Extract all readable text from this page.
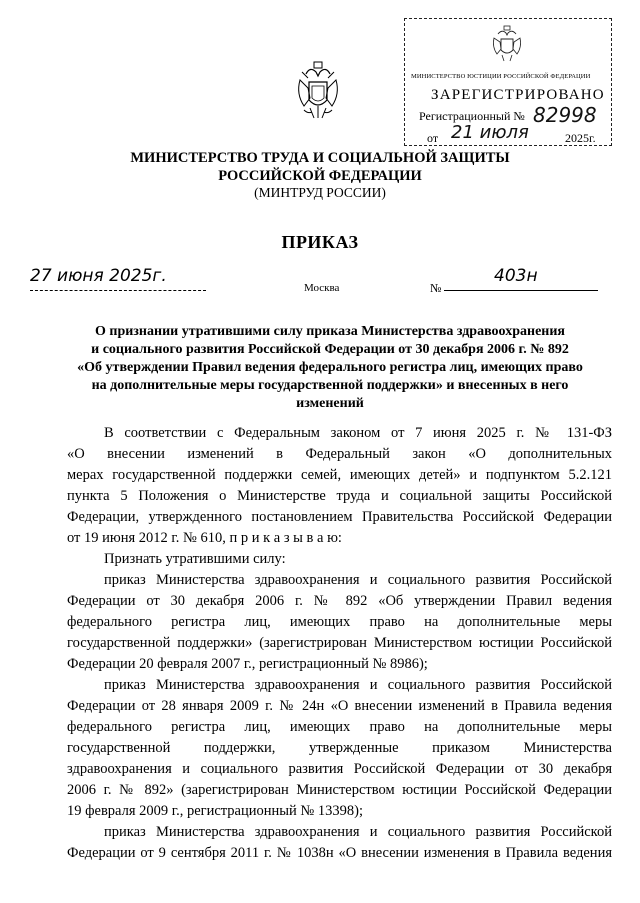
МИНИСТЕРСТВО ЮСТИЦИИ РОССИЙСКОЙ ФЕДЕРАЦИИ
ЗАРЕГИСТРИРОВАНО
Регистрационный № 82998
от 21 июля	2025г.
МИНИСТЕРСТВО ТРУДА И СОЦИАЛЬНОЙ ЗАЩИТЫ
РОССИЙСКОЙ ФЕДЕРАЦИИ
(МИНТРУД РОССИИ)
ПРИКАЗ
27 июня 2025г.
Москва	№
403н
О признании утратившими силу приказа Министерства здравоохранения
и социального развития Российской Федерации от 30 декабря 2006 г. № 892
«Об утверждении Правил ведения федерального регистра лиц, имеющих право
на дополнительные меры государственной поддержки» и внесенных в него
изменений
В соответствии с Федеральным законом от 7 июня 2025 г. № 131-ФЗ
«О внесении изменений в Федеральный закон «О дополнительных
мерах государственной поддержки семей, имеющих детей» и подпунктом 5.2.121
пункта 5 Положения о Министерстве труда и социальной защиты Российской
Федерации, утвержденного постановлением Правительства Российской Федерации
от 19 июня 2012 г. № 610, п р и к а з ы в а ю:
Признать утратившими силу:
приказ Министерства здравоохранения и социального развития Российской
Федерации от 30 декабря 2006 г. № 892 «Об утверждении Правил ведения
федерального регистра лиц, имеющих право на дополнительные меры
государственной поддержки» (зарегистрирован Министерством юстиции Российской
Федерации 20 февраля 2007 г., регистрационный № 8986);
приказ Министерства здравоохранения и социального развития Российской
Федерации от 28 января 2009 г. № 24н «О внесении изменений в Правила ведения
федерального регистра лиц, имеющих право на дополнительные меры
государственной поддержки, утвержденные приказом Министерства
здравоохранения и социального развития Российской Федерации от 30 декабря
2006 г. № 892» (зарегистрирован Министерством юстиции Российской Федерации
19 февраля 2009 г., регистрационный № 13398);
приказ Министерства здравоохранения и социального развития Российской
Федерации от 9 сентября 2011 г. № 1038н «О внесении изменения в Правила ведения
